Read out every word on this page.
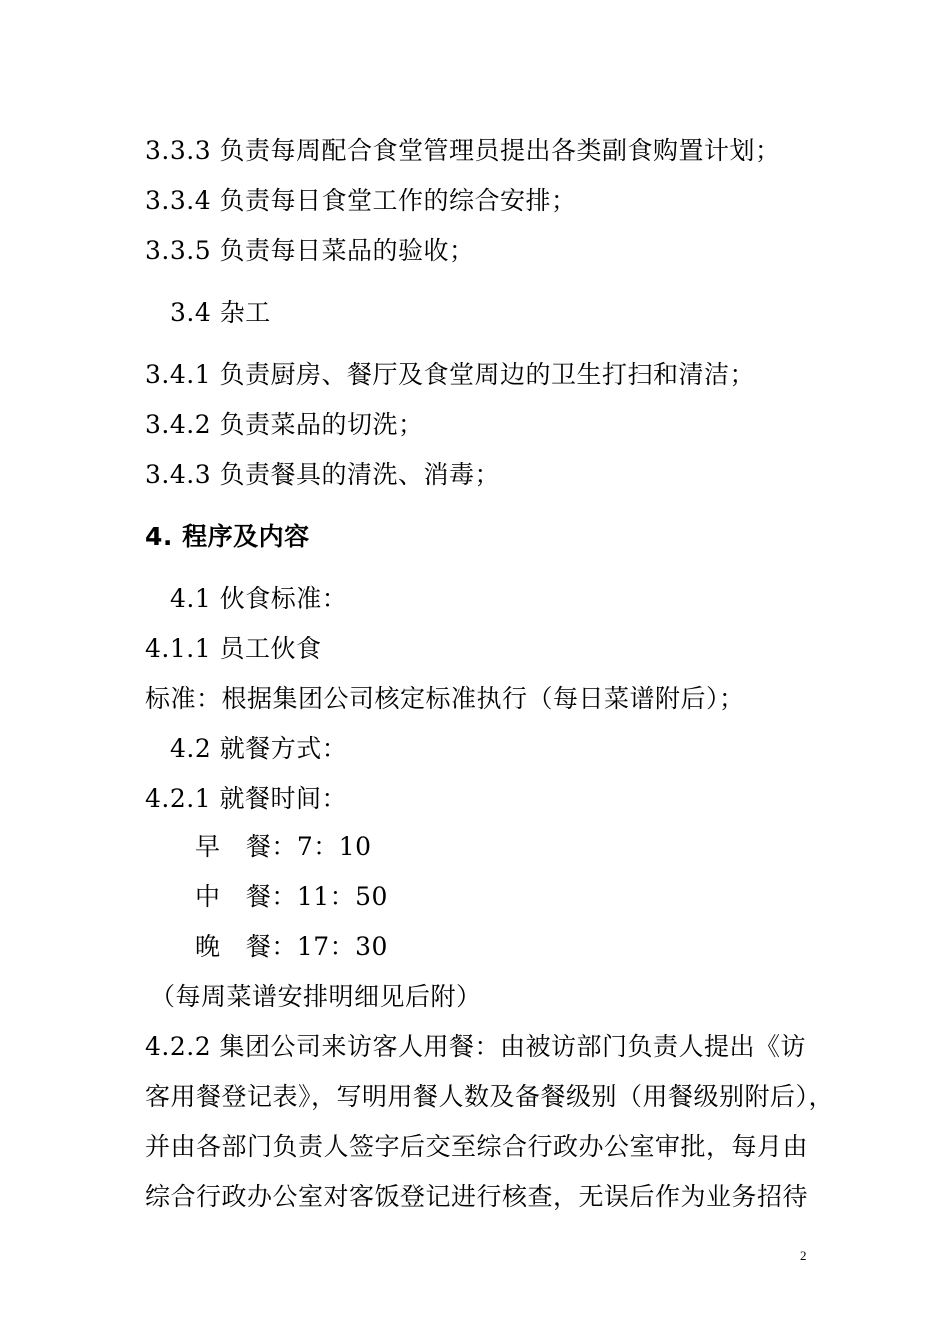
3.3.3 负责每周配合食堂管理员提出各类副食购置计划；
3.3.4 负责每日食堂工作的综合安排；
3.3.5 负责每日菜品的验收；
3.4 杂工
3.4.1 负责厨房、餐厅及食堂周边的卫生打扫和清洁；
3.4.2 负责菜品的切洗；
3.4.3 负责餐具的清洗、消毒；
4. 程序及内容
4.1 伙食标准：
4.1.1 员工伙食
标准：根据集团公司核定标准执行（每日菜谱附后）；
4.2 就餐方式：
4.2.1 就餐时间：
早   餐：7：10
中   餐：11：50
晚   餐：17：30
（每周菜谱安排明细见后附）
4.2.2 集团公司来访客人用餐：由被访部门负责人提出《访
客用餐登记表》，写明用餐人数及备餐级别（用餐级别附后），
并由各部门负责人签字后交至综合行政办公室审批，每月由
综合行政办公室对客饭登记进行核查，无误后作为业务招待
2
